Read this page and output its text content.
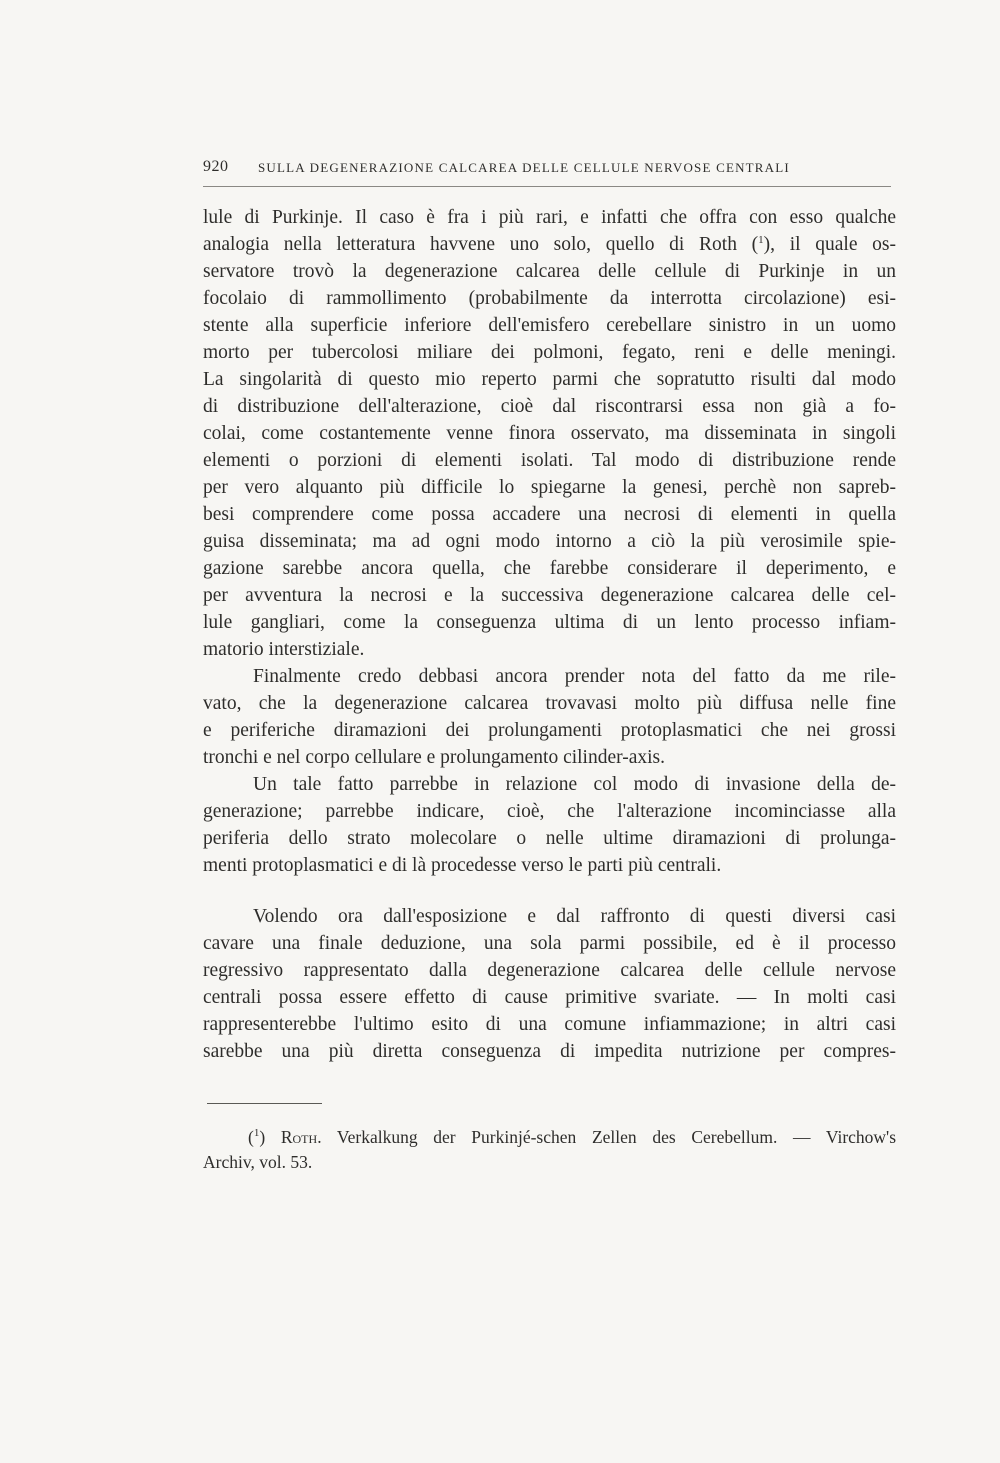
920 SULLA DEGENERAZIONE CALCAREA DELLE CELLULE NERVOSE CENTRALI
lule di Purkinje. Il caso è fra i più rari, e infatti che offra con esso qualche
analogia nella letteratura havvene uno solo, quello di Roth ($^1$), il quale os-
servatore trovò la degenerazione calcarea delle cellule di Purkinje in un
focolaio di rammollimento (probabilmente da interrotta circolazione) esi-
stente alla superficie inferiore dell'emisfero cerebellare sinistro in un uomo
morto per tubercolosi miliare dei polmoni, fegato, reni e delle meningi.
La singolarità di questo mio reperto parmi che sopratutto risulti dal modo
di distribuzione dell'alterazione, cioè dal riscontrarsi essa non già a fo-
colai, come costantemente venne finora osservato, ma disseminata in singoli
elementi o porzioni di elementi isolati. Tal modo di distribuzione rende
per vero alquanto più difficile lo spiegarne la genesi, perchè non sapreb-
besi comprendere come possa accadere una necrosi di elementi in quella
guisa disseminata; ma ad ogni modo intorno a ciò la più verosimile spie-
gazione sarebbe ancora quella, che farebbe considerare il deperimento, e
per avventura la necrosi e la successiva degenerazione calcarea delle cel-
lule gangliari, come la conseguenza ultima di un lento processo infiam-
matorio interstiziale.
Finalmente credo debbasi ancora prender nota del fatto da me rile-
vato, che la degenerazione calcarea trovavasi molto più diffusa nelle fine
e periferiche diramazioni dei prolungamenti protoplasmatici che nei grossi
tronchi e nel corpo cellulare e prolungamento cilinder-axis.
Un tale fatto parrebbe in relazione col modo di invasione della de-
generazione; parrebbe indicare, cioè, che l'alterazione incominciasse alla
periferia dello strato molecolare o nelle ultime diramazioni di prolunga-
menti protoplasmatici e di là procedesse verso le parti più centrali.
Volendo ora dall'esposizione e dal raffronto di questi diversi casi
cavare una finale deduzione, una sola parmi possibile, ed è il processo
regressivo rappresentato dalla degenerazione calcarea delle cellule nervose
centrali possa essere effetto di cause primitive svariate. — In molti casi
rappresenterebbe l'ultimo esito di una comune infiammazione; in altri casi
sarebbe una più diretta conseguenza di impedita nutrizione per compres-
($^1$) Roth. Verkalkung der Purkinjé-schen Zellen des Cerebellum. — Virchow's
Archiv, vol. 53.
